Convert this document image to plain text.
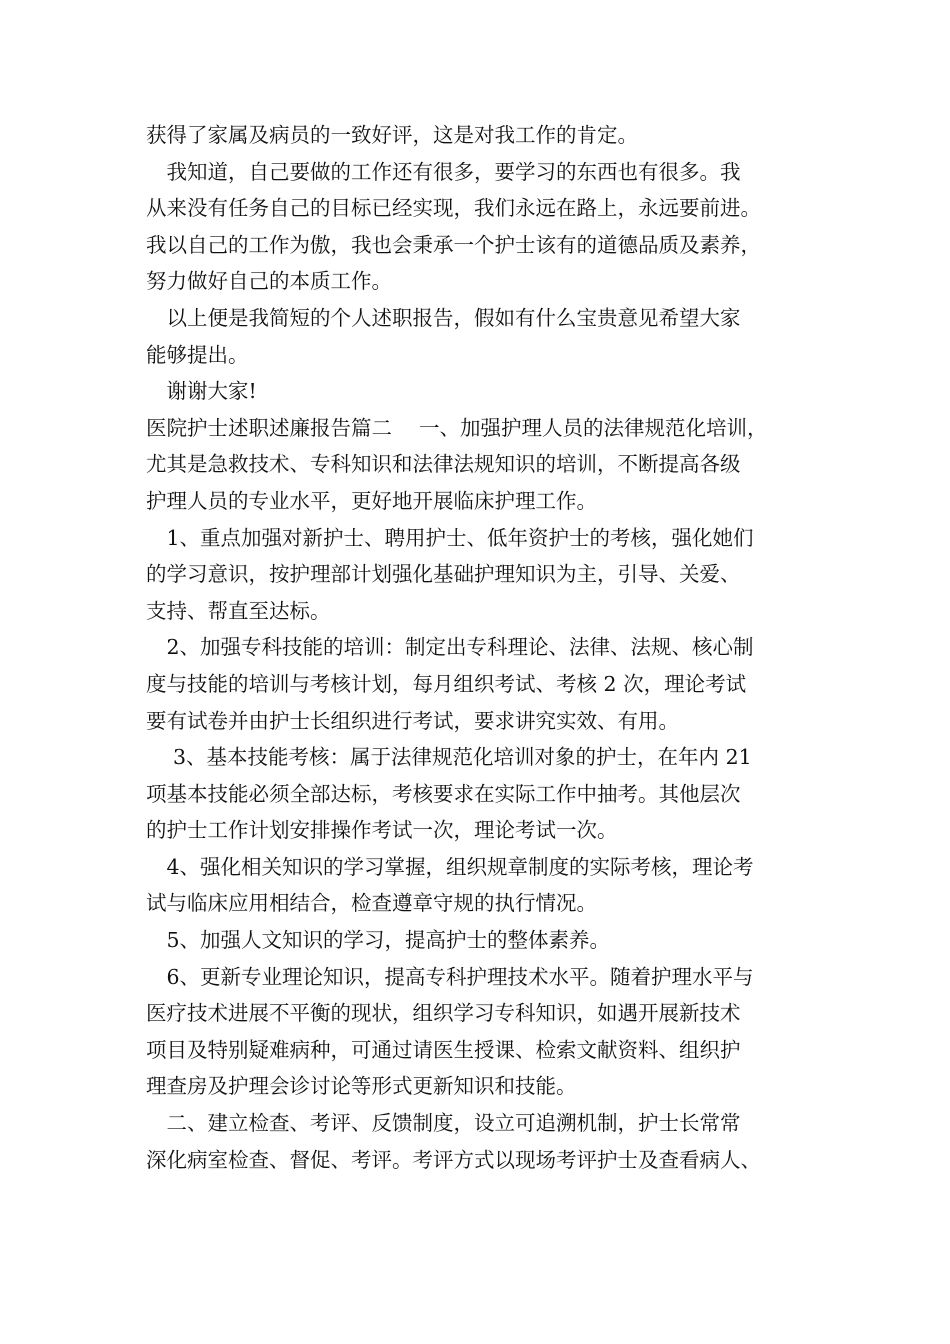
获得了家属及病员的一致好评，这是对我工作的肯定。
　我知道，自己要做的工作还有很多，要学习的东西也有很多。我
从来没有任务自己的目标已经实现，我们永远在路上，永远要前进。
我以自己的工作为傲，我也会秉承一个护士该有的道德品质及素养，
努力做好自己的本质工作。
　以上便是我简短的个人述职报告，假如有什么宝贵意见希望大家
能够提出。
　谢谢大家!
医院护士述职述廉报告篇二　 一、加强护理人员的法律规范化培训，
尤其是急救技术、专科知识和法律法规知识的培训，不断提高各级
护理人员的专业水平，更好地开展临床护理工作。
　1、重点加强对新护士、聘用护士、低年资护士的考核，强化她们
的学习意识，按护理部计划强化基础护理知识为主，引导、关爱、
支持、帮直至达标。
　2、加强专科技能的培训：制定出专科理论、法律、法规、核心制
度与技能的培训与考核计划，每月组织考试、考核 2 次，理论考试
要有试卷并由护士长组织进行考试，要求讲究实效、有用。
　 3、基本技能考核：属于法律规范化培训对象的护士，在年内 21
项基本技能必须全部达标，考核要求在实际工作中抽考。其他层次
的护士工作计划安排操作考试一次，理论考试一次。
　4、强化相关知识的学习掌握，组织规章制度的实际考核，理论考
试与临床应用相结合，检查遵章守规的执行情况。
　5、加强人文知识的学习，提高护士的整体素养。
　6、更新专业理论知识，提高专科护理技术水平。随着护理水平与
医疗技术进展不平衡的现状，组织学习专科知识，如遇开展新技术
项目及特别疑难病种，可通过请医生授课、检索文献资料、组织护
理查房及护理会诊讨论等形式更新知识和技能。
　二、建立检查、考评、反馈制度，设立可追溯机制，护士长常常
深化病室检查、督促、考评。考评方式以现场考评护士及查看病人、
